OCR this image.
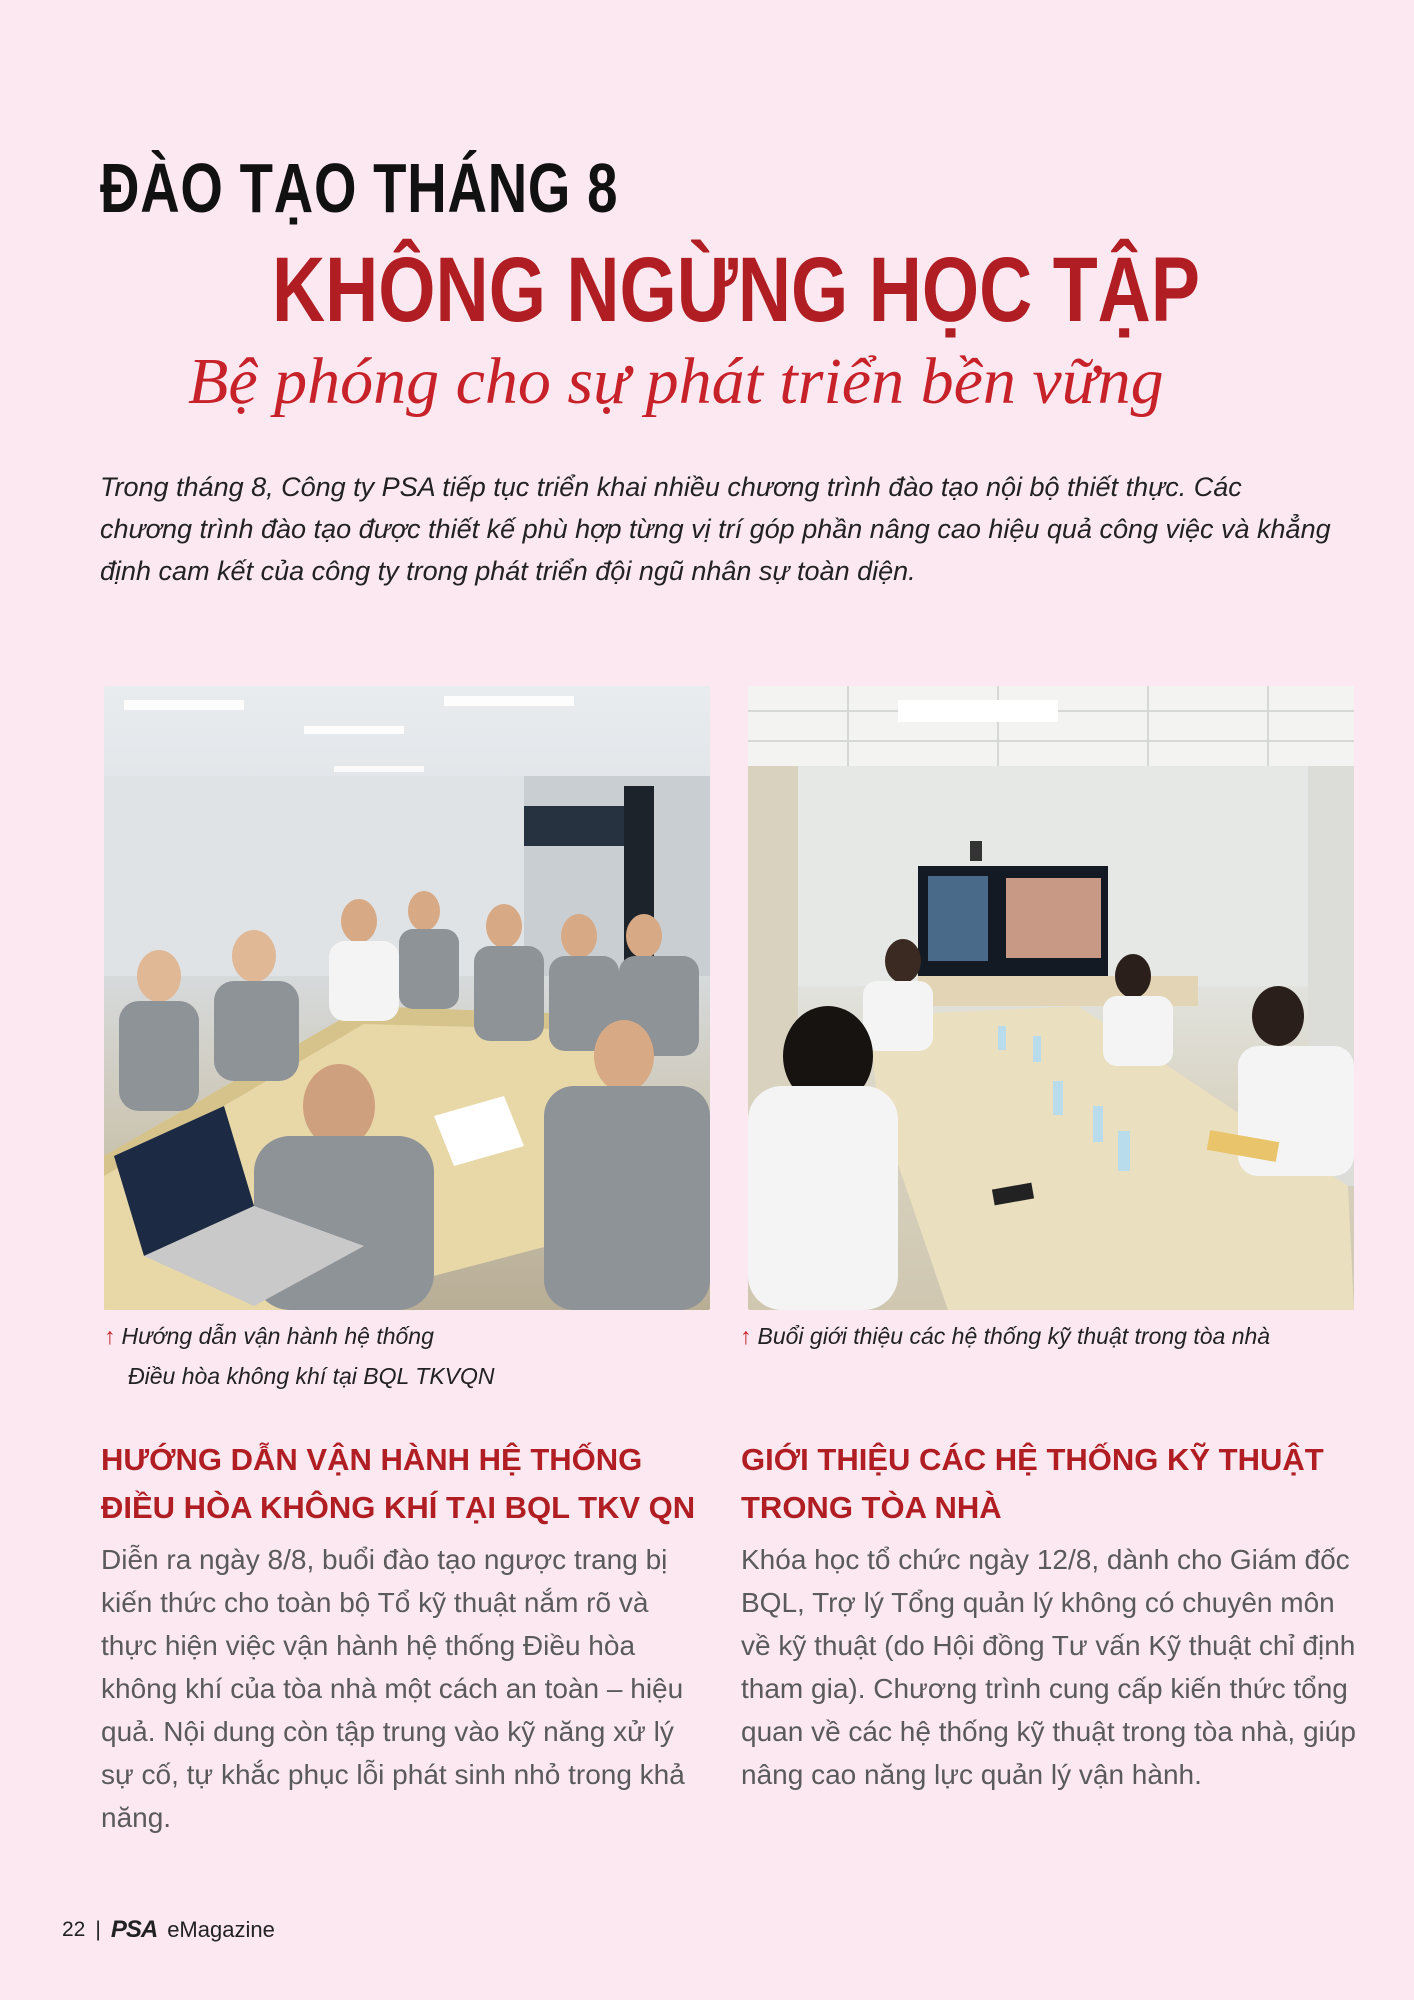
ĐÀO TẠO THÁNG 8
KHÔNG NGỪNG HỌC TẬP
Bệ phóng cho sự phát triển bền vững
Trong tháng 8, Công ty PSA tiếp tục triển khai nhiều chương trình đào tạo nội bộ thiết thực. Các chương trình đào tạo được thiết kế phù hợp từng vị trí góp phần nâng cao hiệu quả công việc và khẳng định cam kết của công ty trong phát triển đội ngũ nhân sự toàn diện.
↑ Hướng dẫn vận hành hệ thống
Điều hòa không khí tại BQL TKVQN
↑ Buổi giới thiệu các hệ thống kỹ thuật trong tòa nhà
HƯỚNG DẪN VẬN HÀNH HỆ THỐNG
ĐIỀU HÒA KHÔNG KHÍ TẠI BQL TKV QN
GIỚI THIỆU CÁC HỆ THỐNG KỸ THUẬT
TRONG TÒA NHÀ
Diễn ra ngày 8/8, buổi đào tạo ngược trang bị kiến thức cho toàn bộ Tổ kỹ thuật nắm rõ và thực hiện việc vận hành hệ thống Điều hòa không khí của tòa nhà một cách an toàn – hiệu quả. Nội dung còn tập trung vào kỹ năng xử lý sự cố, tự khắc phục lỗi phát sinh nhỏ trong khả năng.
Khóa học tổ chức ngày 12/8, dành cho Giám đốc BQL, Trợ lý Tổng quản lý không có chuyên môn về kỹ thuật (do Hội đồng Tư vấn Kỹ thuật chỉ định tham gia). Chương trình cung cấp kiến thức tổng quan về các hệ thống kỹ thuật trong tòa nhà, giúp nâng cao năng lực quản lý vận hành.
22 | PSA eMagazine
